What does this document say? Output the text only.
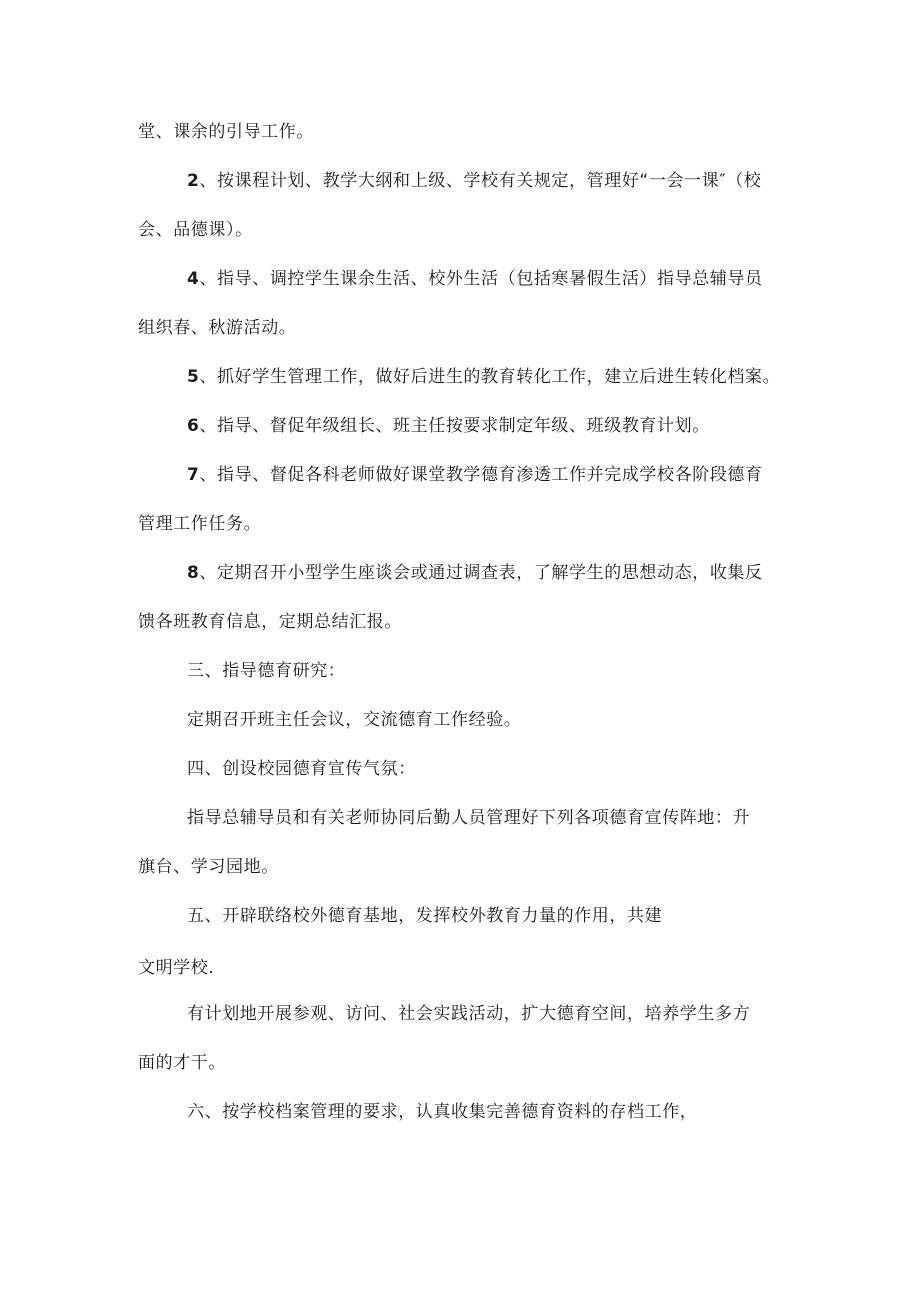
堂、课余的引导工作。
2、按课程计划、教学大纲和上级、学校有关规定，管理好“一会一课″（校
会、品德课）。
4、指导、调控学生课余生活、校外生活（包括寒暑假生活）指导总辅导员
组织春、秋游活动。
5、抓好学生管理工作，做好后进生的教育转化工作，建立后进生转化档案。
6、指导、督促年级组长、班主任按要求制定年级、班级教育计划。
7、指导、督促各科老师做好课堂教学德育渗透工作并完成学校各阶段德育
管理工作任务。
8、定期召开小型学生座谈会或通过调查表，了解学生的思想动态，收集反
馈各班教育信息，定期总结汇报。
三、指导德育研究：
定期召开班主任会议，交流德育工作经验。
四、创设校园德育宣传气氛：
指导总辅导员和有关老师协同后勤人员管理好下列各项德育宣传阵地：升
旗台、学习园地。
五、开辟联络校外德育基地，发挥校外教育力量的作用，共建
文明学校.
有计划地开展参观、访问、社会实践活动，扩大德育空间，培养学生多方
面的才干。
六、按学校档案管理的要求，认真收集完善德育资料的存档工作，
